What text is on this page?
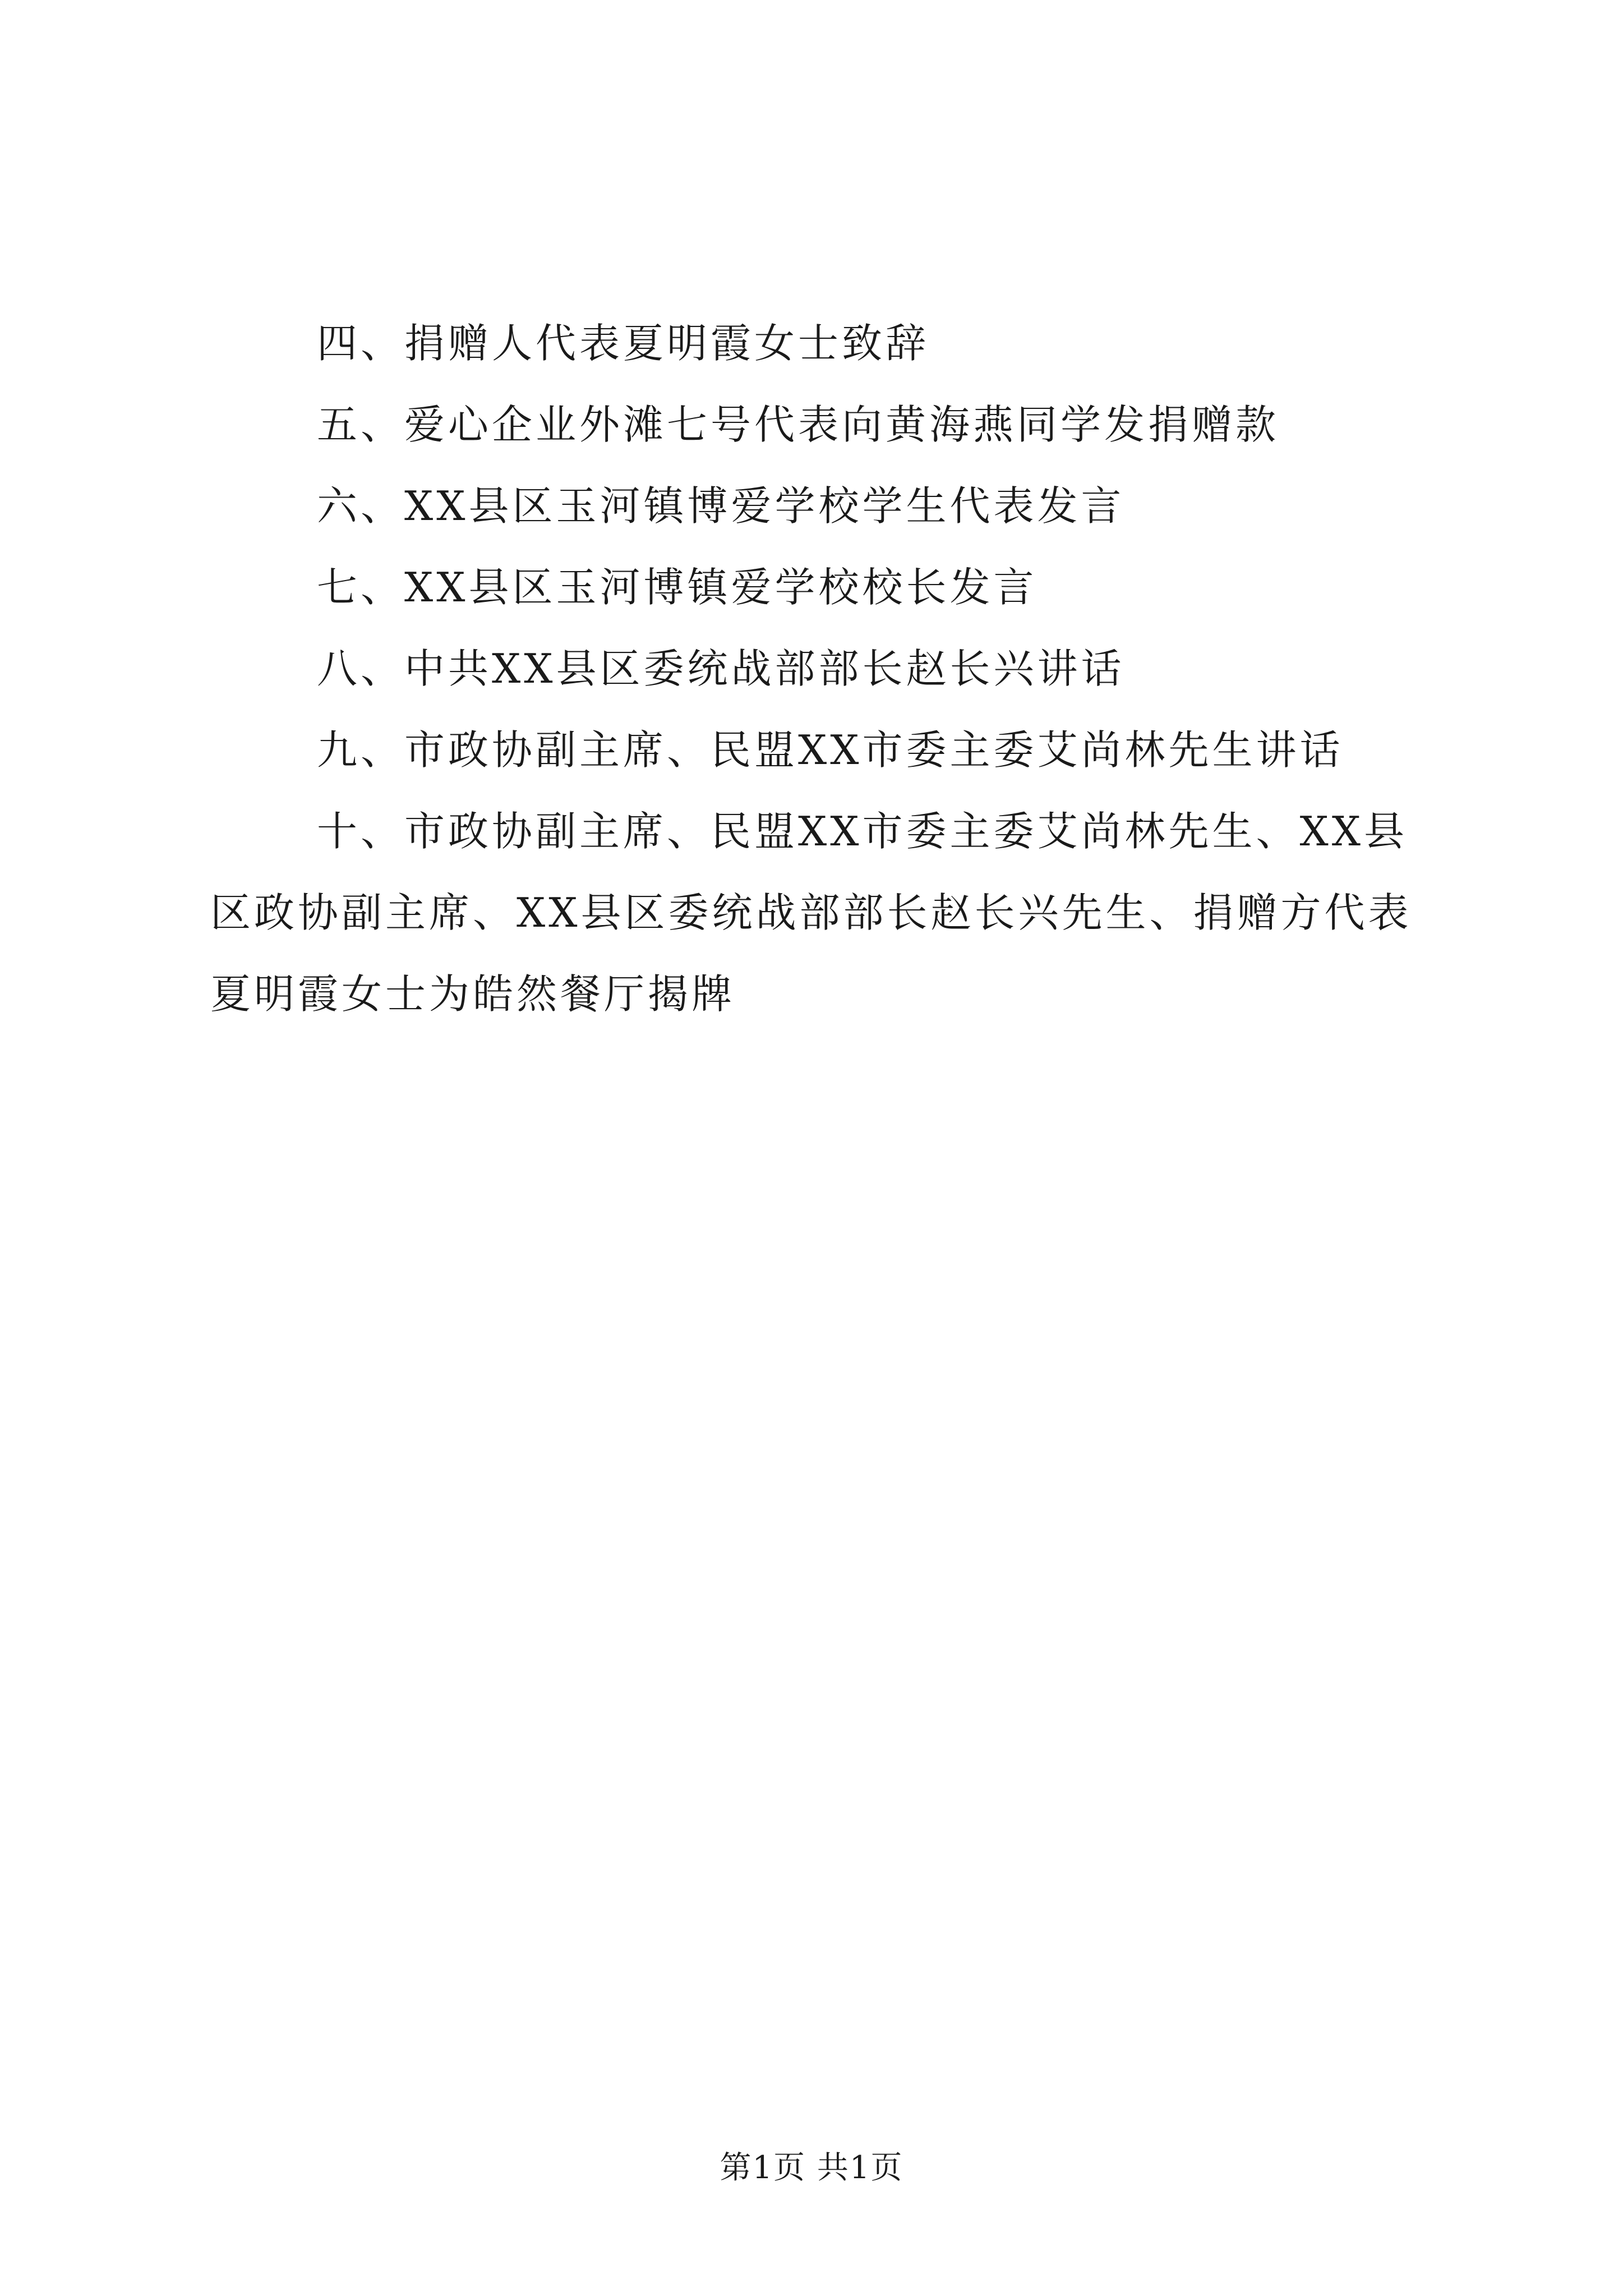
四、捐赠人代表夏明霞女士致辞

五、爱心企业外滩七号代表向黄海燕同学发捐赠款

六、XX县区玉河镇博爱学校学生代表发言

七、XX县区玉河博镇爱学校校长发言

八、中共XX县区委统战部部长赵长兴讲话

九、市政协副主席、民盟XX市委主委艾尚林先生讲话

十、市政协副主席、民盟XX市委主委艾尚林先生、XX县区政协副主席、XX县区委统战部部长赵长兴先生、捐赠方代表夏明霞女士为皓然餐厅揭牌

第1页 共1页
